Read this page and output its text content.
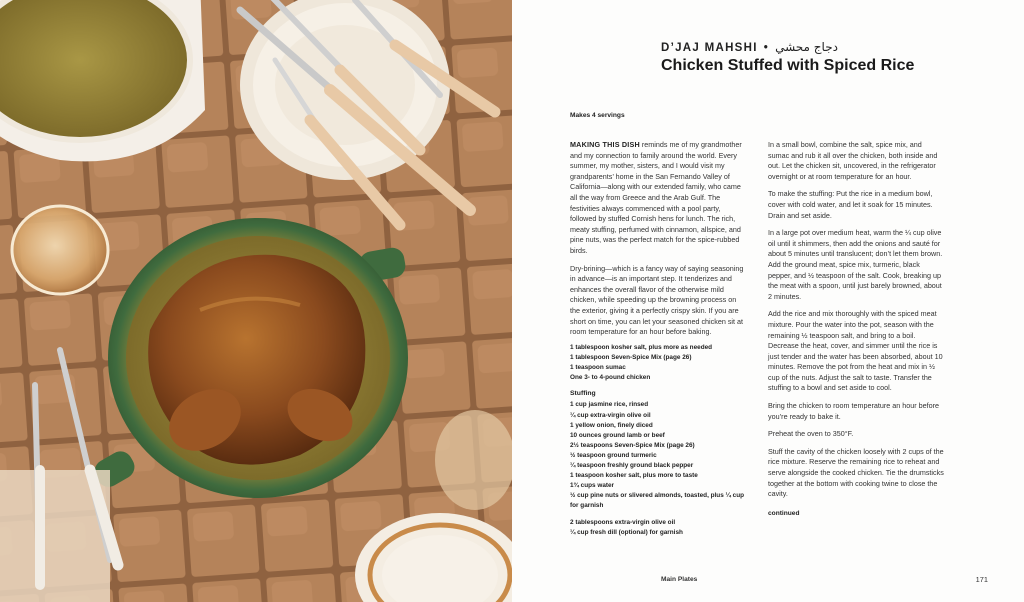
D’JAJ MAHSHI • دجاج محشي
Chicken Stuffed with Spiced Rice
Makes 4 servings

MAKING THIS DISH reminds me of my grandmother and my connection to family around the world. Every summer, my mother, sisters, and I would visit my grandparents’ home in the San Fernando Valley of California—along with our extended family, who came all the way from Greece and the Arab Gulf. The festivities always commenced with a pool party, followed by stuffed Cornish hens for lunch. The rich, meaty stuffing, perfumed with cinnamon, allspice, and pine nuts, was the perfect match for the spice-rubbed birds.

Dry-brining—which is a fancy way of saying seasoning in advance—is an important step. It tenderizes and enhances the overall flavor of the otherwise mild chicken, while speeding up the browning process on the exterior, giving it a perfectly crispy skin. If you are short on time, you can let your seasoned chicken sit at room temperature for an hour before baking.

1 tablespoon kosher salt, plus more as needed
1 tablespoon Seven-Spice Mix (page 26)
1 teaspoon sumac
One 3- to 4-pound chicken
Stuffing
1 cup jasmine rice, rinsed
¼ cup extra-virgin olive oil
1 yellow onion, finely diced
10 ounces ground lamb or beef
2½ teaspoons Seven-Spice Mix (page 26)
½ teaspoon ground turmeric
¼ teaspoon freshly ground black pepper
1 teaspoon kosher salt, plus more to taste
1¾ cups water
½ cup pine nuts or slivered almonds, toasted, plus ¼ cup for garnish
2 tablespoons extra-virgin olive oil
¼ cup fresh dill (optional) for garnish

In a small bowl, combine the salt, spice mix, and sumac and rub it all over the chicken, both inside and out. Let the chicken sit, uncovered, in the refrigerator overnight or at room temperature for an hour.

To make the stuffing: Put the rice in a medium bowl, cover with cold water, and let it soak for 15 minutes. Drain and set aside.

In a large pot over medium heat, warm the ¼ cup olive oil until it shimmers, then add the onions and sauté for about 5 minutes until translucent; don’t let them brown. Add the ground meat, spice mix, turmeric, black pepper, and ½ teaspoon of the salt. Cook, breaking up the meat with a spoon, until just barely browned, about 2 minutes.

Add the rice and mix thoroughly with the spiced meat mixture. Pour the water into the pot, season with the remaining ½ teaspoon salt, and bring to a boil. Decrease the heat, cover, and simmer until the rice is just tender and the water has been absorbed, about 10 minutes. Remove the pot from the heat and mix in ½ cup of the nuts. Adjust the salt to taste. Transfer the stuffing to a bowl and set aside to cool.

Bring the chicken to room temperature an hour before you’re ready to bake it.

Preheat the oven to 350°F.

Stuff the cavity of the chicken loosely with 2 cups of the rice mixture. Reserve the remaining rice to reheat and serve alongside the cooked chicken. Tie the drumsticks together at the bottom with cooking twine to close the cavity.

continued
Main Plates	171
